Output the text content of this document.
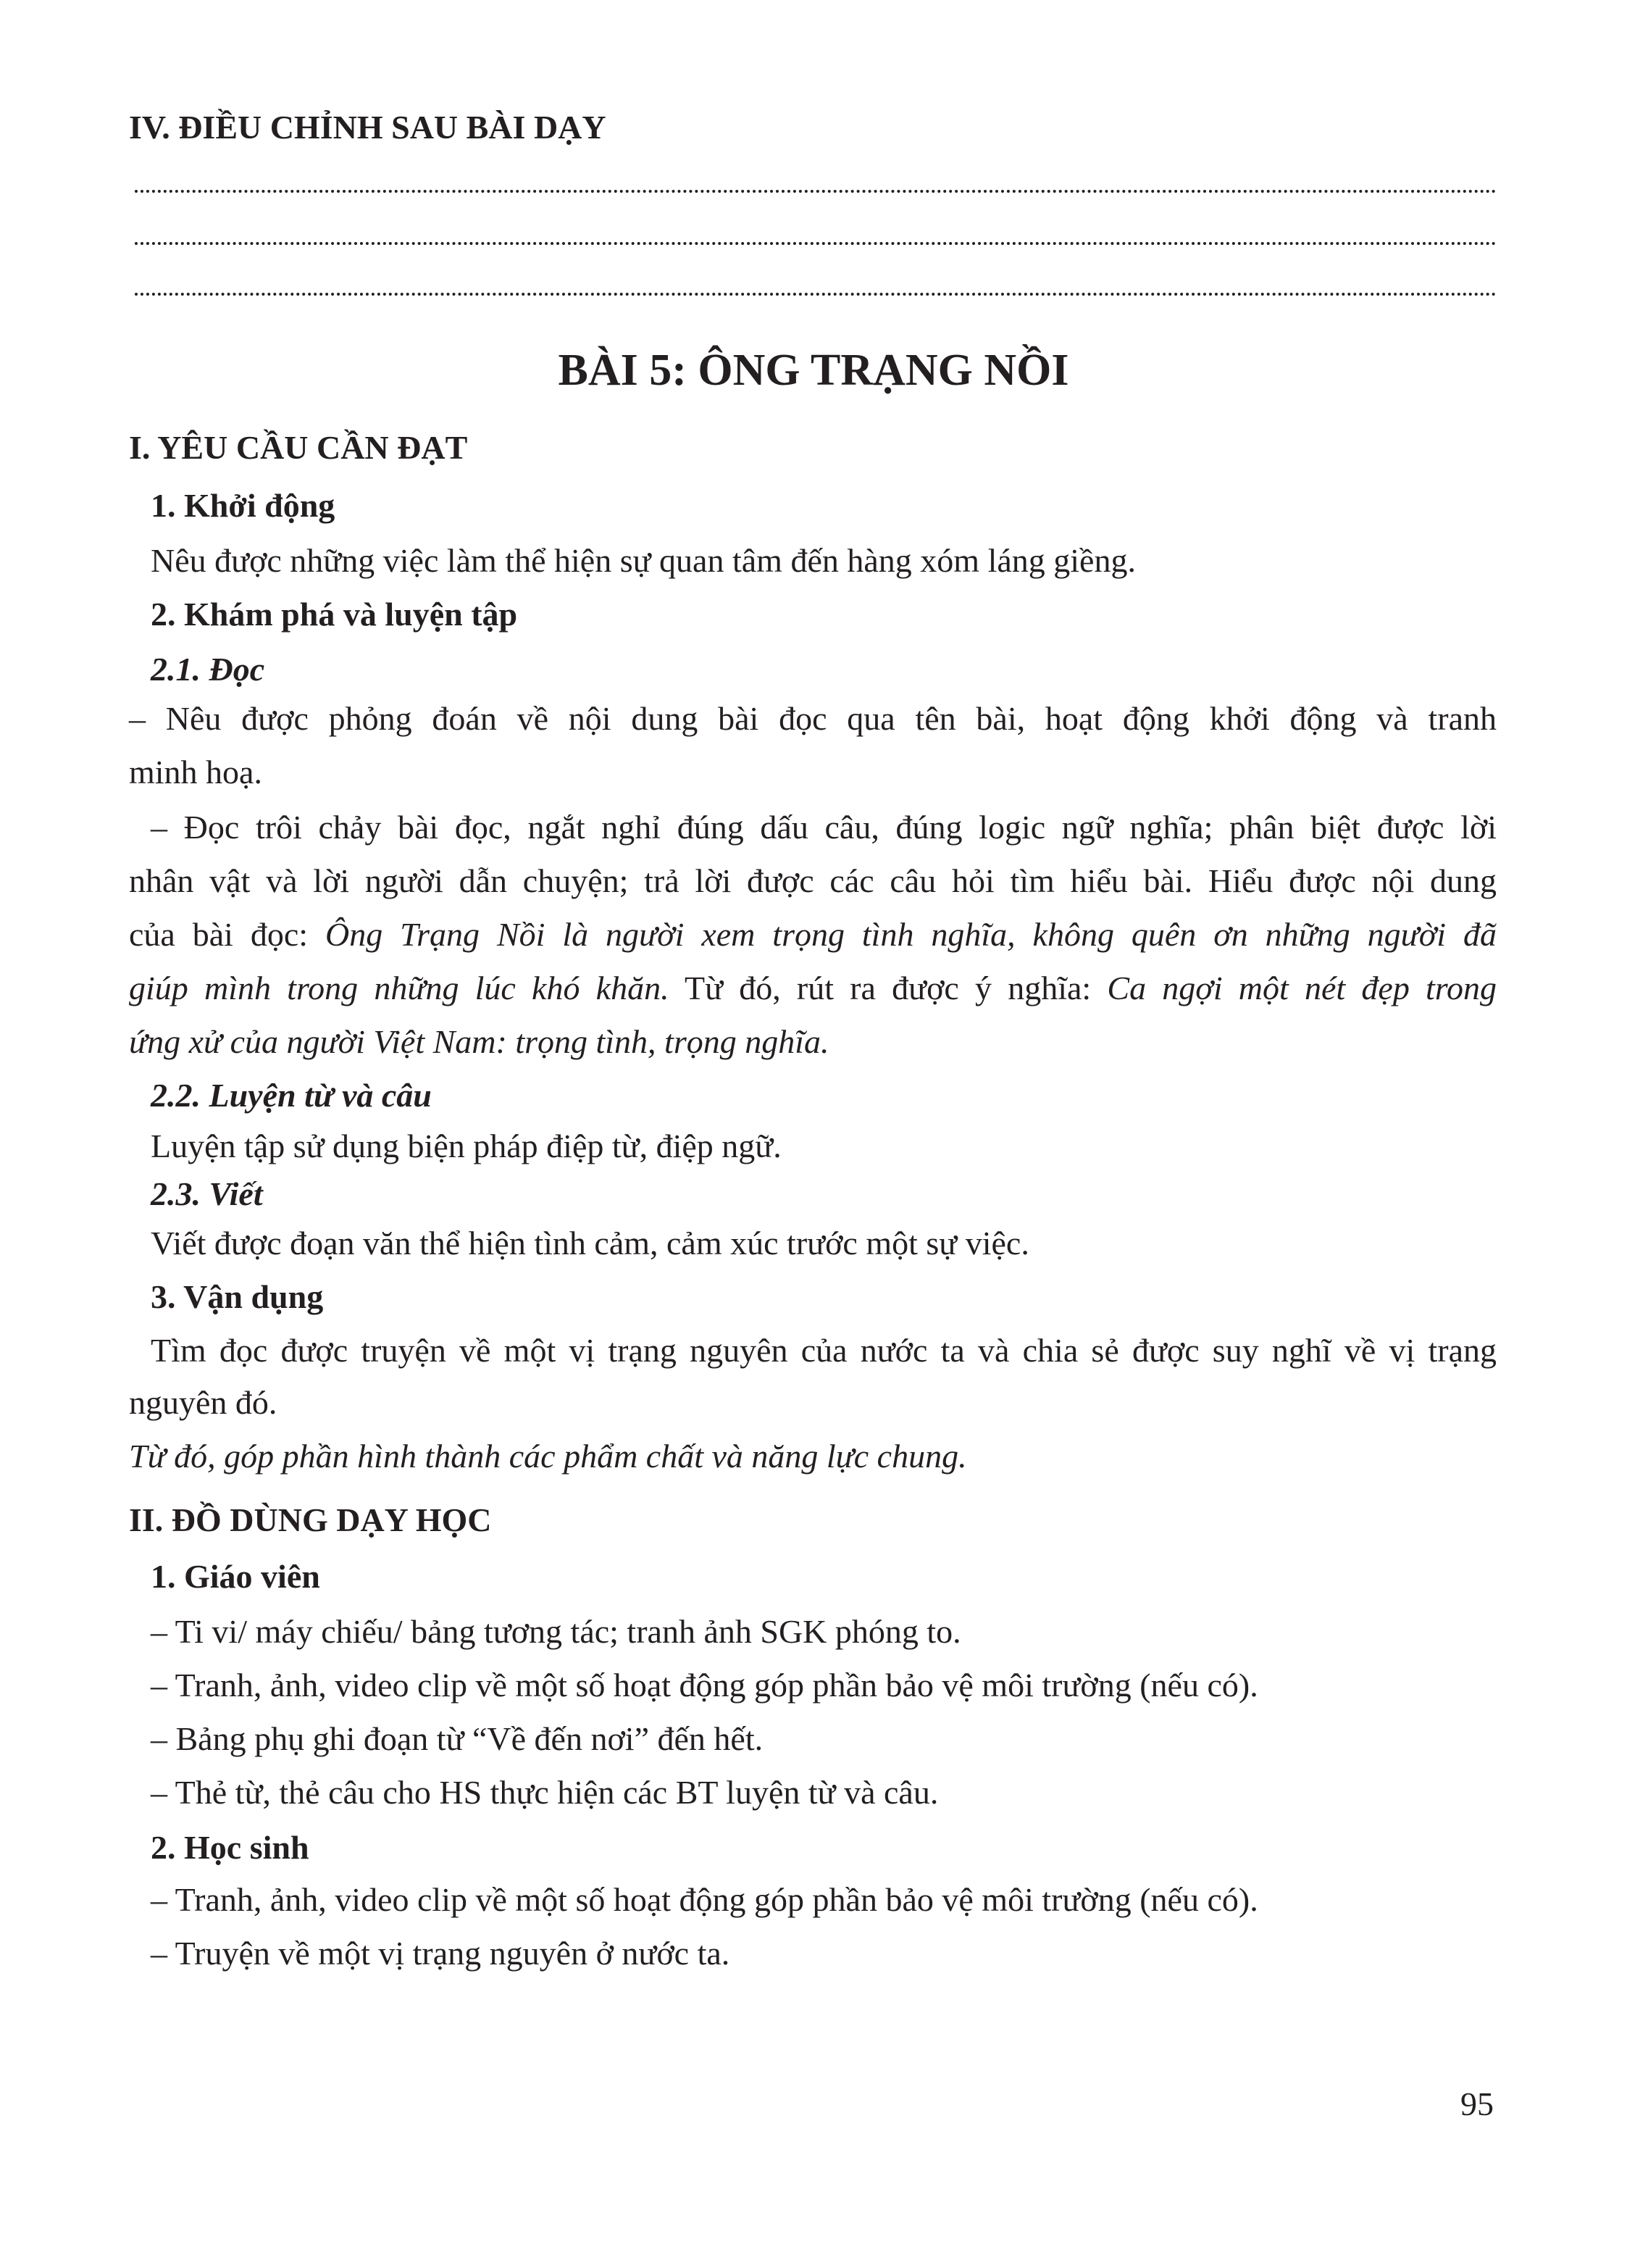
IV. ĐIỀU CHỈNH SAU BÀI DẠY
BÀI 5: ÔNG TRẠNG NỒI
I. YÊU CẦU CẦN ĐẠT
1. Khởi động
Nêu được những việc làm thể hiện sự quan tâm đến hàng xóm láng giềng.
2. Khám phá và luyện tập
2.1. Đọc
– Nêu được phỏng đoán về nội dung bài đọc qua tên bài, hoạt động khởi động và tranh
minh hoạ.
– Đọc trôi chảy bài đọc, ngắt nghỉ đúng dấu câu, đúng logic ngữ nghĩa; phân biệt được lời
nhân vật và lời người dẫn chuyện; trả lời được các câu hỏi tìm hiểu bài. Hiểu được nội dung
của bài đọc: Ông Trạng Nồi là người xem trọng tình nghĩa, không quên ơn những người đã
giúp mình trong những lúc khó khăn. Từ đó, rút ra được ý nghĩa: Ca ngợi một nét đẹp trong
ứng xử của người Việt Nam: trọng tình, trọng nghĩa.
2.2. Luyện từ và câu
Luyện tập sử dụng biện pháp điệp từ, điệp ngữ.
2.3. Viết
Viết được đoạn văn thể hiện tình cảm, cảm xúc trước một sự việc.
3. Vận dụng
Tìm đọc được truyện về một vị trạng nguyên của nước ta và chia sẻ được suy nghĩ về vị trạng
nguyên đó.
Từ đó, góp phần hình thành các phẩm chất và năng lực chung.
II. ĐỒ DÙNG DẠY HỌC
1. Giáo viên
– Ti vi/ máy chiếu/ bảng tương tác; tranh ảnh SGK phóng to.
– Tranh, ảnh, video clip về một số hoạt động góp phần bảo vệ môi trường (nếu có).
– Bảng phụ ghi đoạn từ “Về đến nơi” đến hết.
– Thẻ từ, thẻ câu cho HS thực hiện các BT luyện từ và câu.
2. Học sinh
– Tranh, ảnh, video clip về một số hoạt động góp phần bảo vệ môi trường (nếu có).
– Truyện về một vị trạng nguyên ở nước ta.
95
